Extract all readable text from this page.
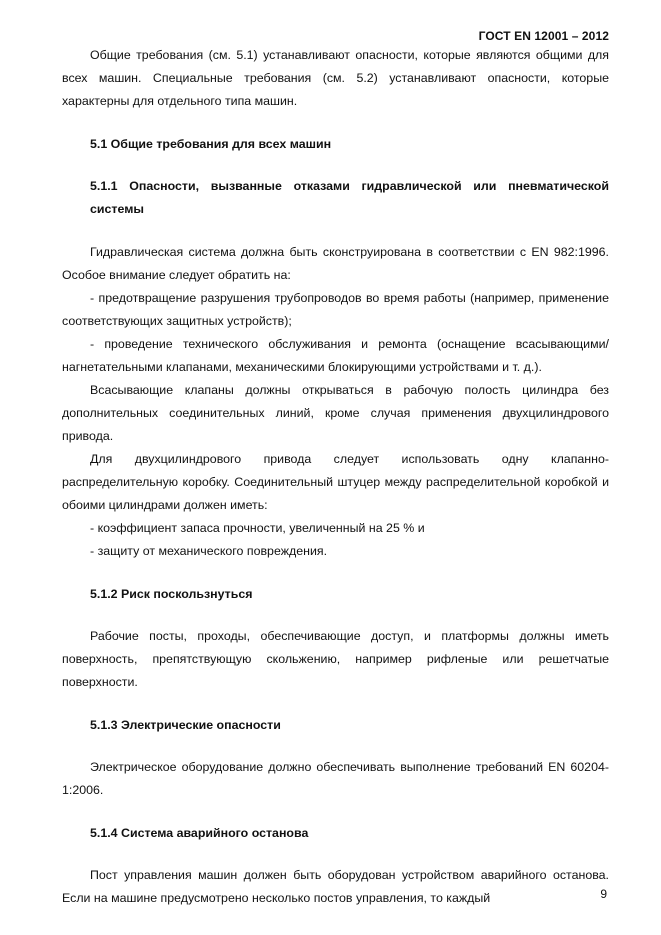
ГОСТ EN 12001 – 2012

Общие требования (см. 5.1) устанавливают опасности, которые являются общими для всех машин. Специальные требования (см. 5.2) устанавливают опасности, которые характерны для отдельного типа машин.

5.1 Общие требования для всех машин
5.1.1 Опасности, вызванные отказами гидравлической или пневматической системы

Гидравлическая система должна быть сконструирована в соответствии с EN 982:1996. Особое внимание следует обратить на:

- предотвращение разрушения трубопроводов во время работы (например, применение соответствующих защитных устройств);

- проведение технического обслуживания и ремонта (оснащение всасывающими/нагнетательными клапанами, механическими блокирующими устройствами и т. д.).

Всасывающие клапаны должны открываться в рабочую полость цилиндра без дополнительных соединительных линий, кроме случая применения двухцилиндрового привода.

Для двухцилиндрового привода следует использовать одну клапанно-распределительную коробку. Соединительный штуцер между распределительной коробкой и обоими цилиндрами должен иметь:

- коэффициент запаса прочности, увеличенный на 25 % и

- защиту от механического повреждения.

5.1.2 Риск поскользнуться

Рабочие посты, проходы, обеспечивающие доступ, и платформы должны иметь поверхность, препятствующую скольжению, например рифленые или решетчатые поверхности.

5.1.3 Электрические опасности

Электрическое оборудование должно обеспечивать выполнение требований EN 60204-1:2006.

5.1.4 Система аварийного останова

Пост управления машин должен быть оборудован устройством аварийного останова. Если на машине предусмотрено несколько постов управления, то каждый	9
